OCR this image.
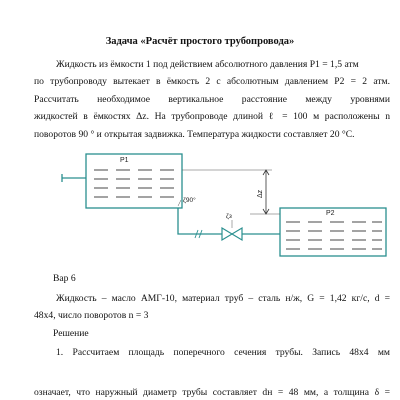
Задача «Расчёт простого трубопровода»
Жидкость из ёмкости 1 под действием абсолютного давления P1 = 1,5 атм
по трубопроводу вытекает в ёмкость 2 с абсолютным давлением P2 = 2 атм.
Рассчитать необходимое вертикальное расстояние между уровнями
жидкостей в ёмкостях Δz. На трубопроводе длиной ℓ = 100 м расположены n
поворотов 90 ° и открытая задвижка. Температура жидкости составляет 20 °С.
P1
ζ90°
ζз	P2
Δz
Вар 6
Жидкость – масло АМГ-10, материал труб – сталь н/ж, G = 1,42 кг/с, d =
48х4, число поворотов n = 3
Решение
1. Рассчитаем площадь поперечного сечения трубы. Запись 48х4 мм
означает, что наружный диаметр трубы составляет dн = 48 мм, а толщина δ =
